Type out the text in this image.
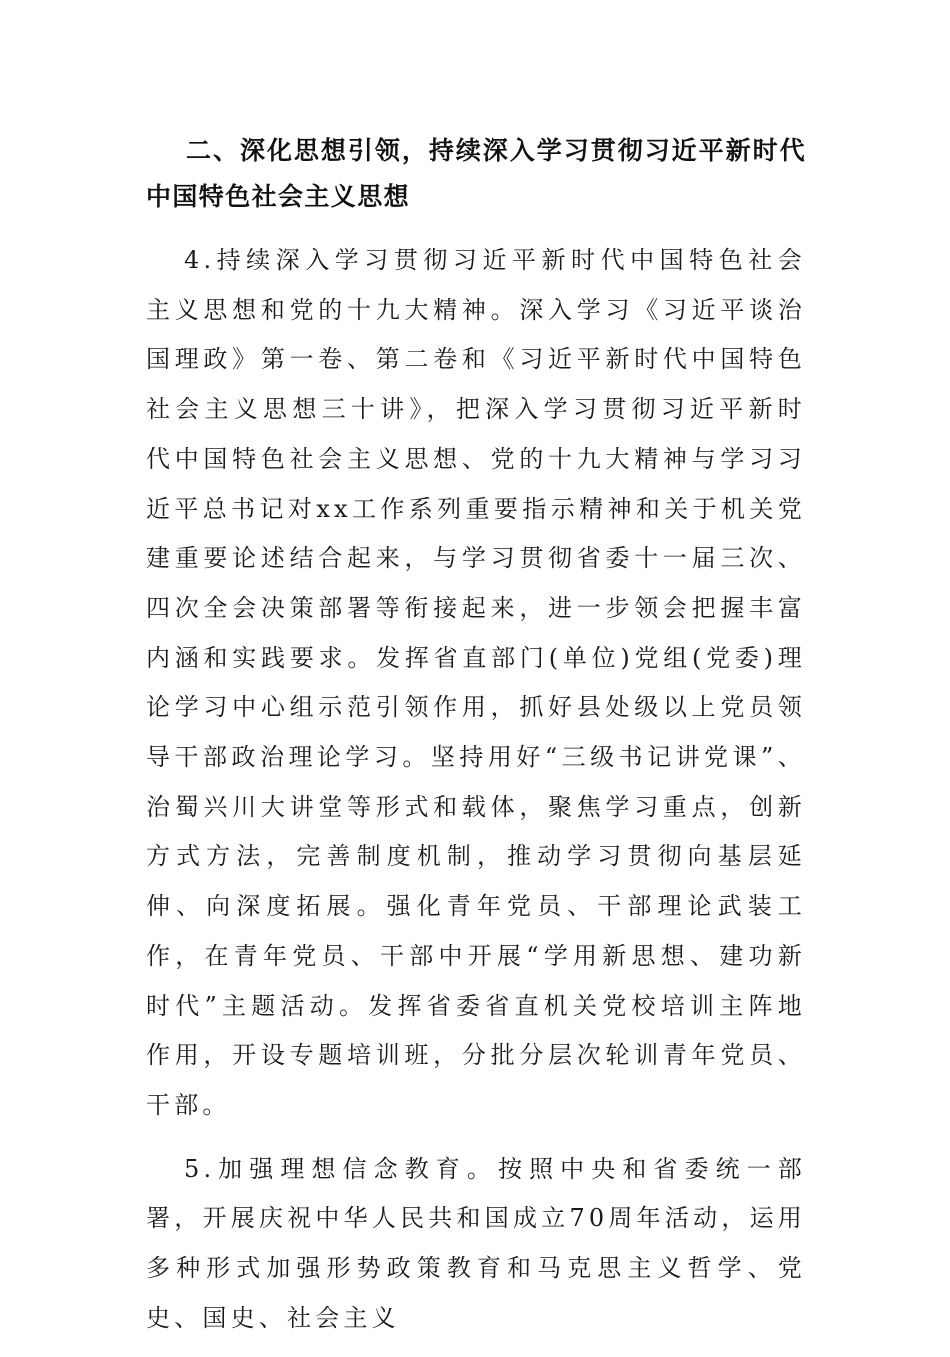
二、深化思想引领，持续深入学习贯彻习近平新时代中国特色社会主义思想

4.持续深入学习贯彻习近平新时代中国特色社会主义思想和党的十九大精神。深入学习《习近平谈治国理政》第一卷、第二卷和《习近平新时代中国特色社会主义思想三十讲》，把深入学习贯彻习近平新时代中国特色社会主义思想、党的十九大精神与学习习近平总书记对xx工作系列重要指示精神和关于机关党建重要论述结合起来，与学习贯彻省委十一届三次、四次全会决策部署等衔接起来，进一步领会把握丰富内涵和实践要求。发挥省直部门(单位)党组(党委)理论学习中心组示范引领作用，抓好县处级以上党员领导干部政治理论学习。坚持用好“三级书记讲党课”、治蜀兴川大讲堂等形式和载体，聚焦学习重点，创新方式方法，完善制度机制，推动学习贯彻向基层延伸、向深度拓展。强化青年党员、干部理论武装工作，在青年党员、干部中开展“学用新思想、建功新时代”主题活动。发挥省委省直机关党校培训主阵地作用，开设专题培训班，分批分层次轮训青年党员、干部。

5.加强理想信念教育。按照中央和省委统一部署，开展庆祝中华人民共和国成立70周年活动，运用多种形式加强形势政策教育和马克思主义哲学、党史、国史、社会主义
